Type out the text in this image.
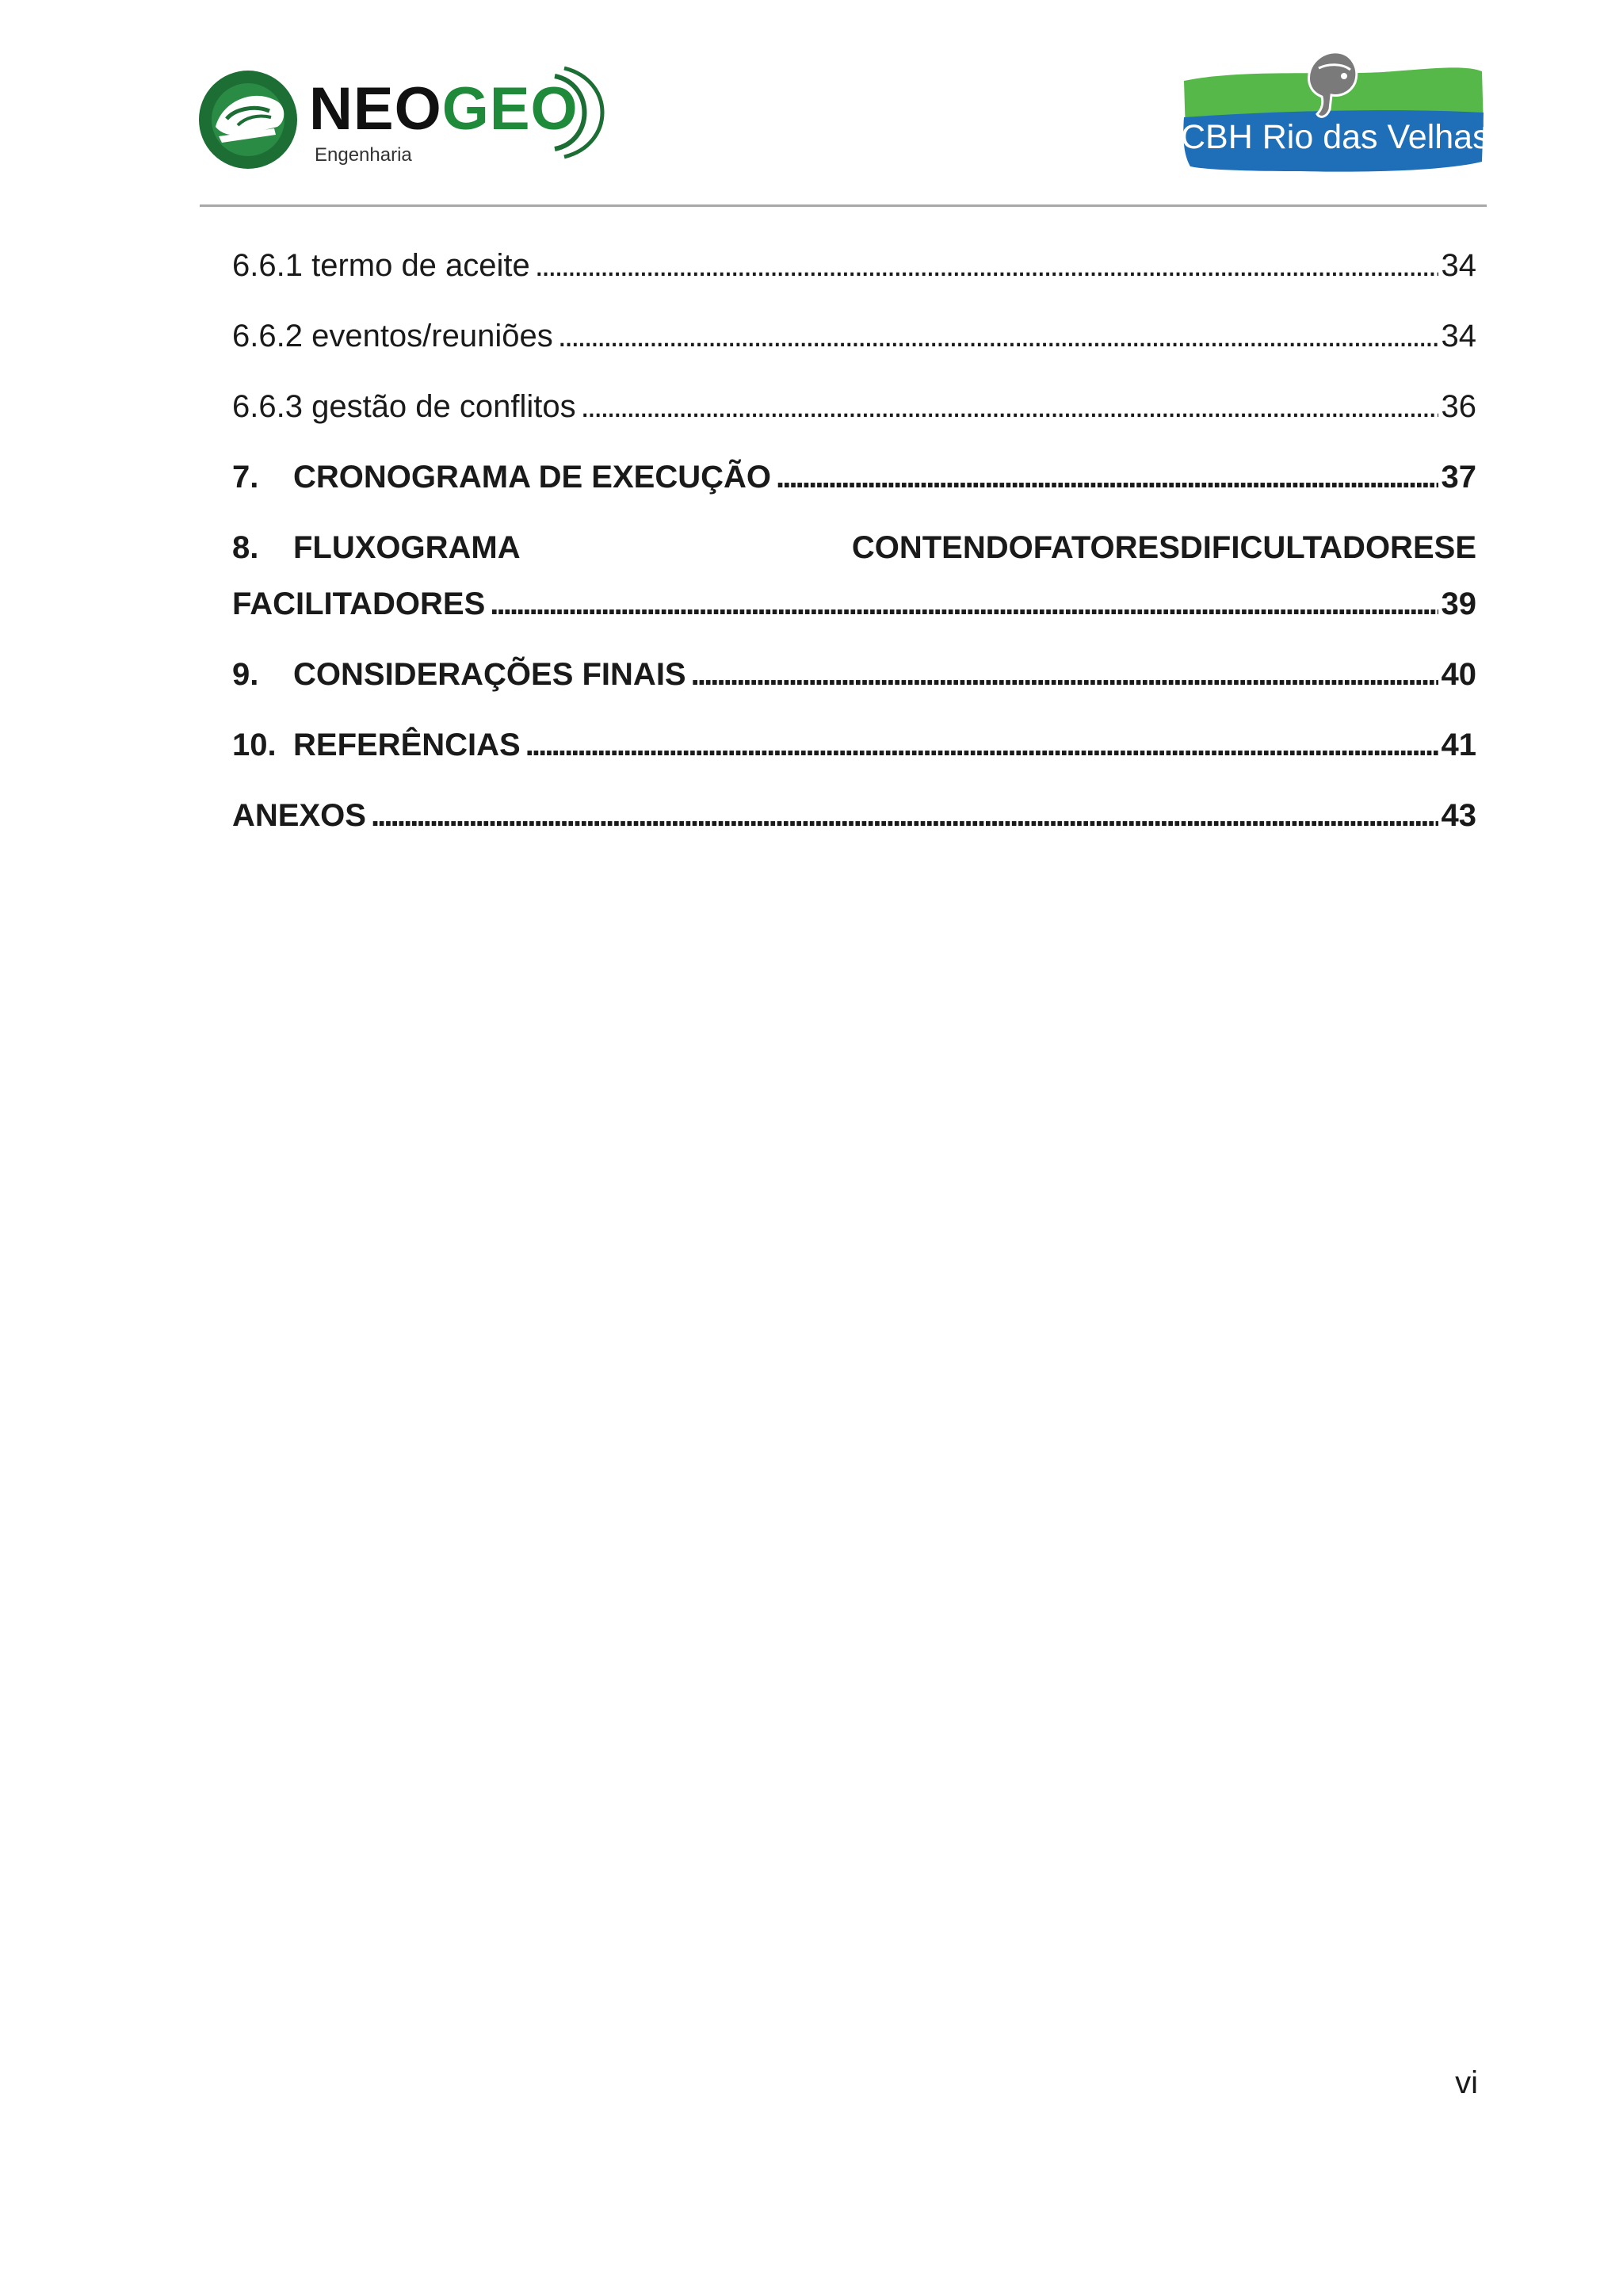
NEOGEO
Engenharia	CBH Rio das Velhas
6.6.1 termo de aceite . . .	34
6.6.2 eventos/reuniões . . .	34
6.6.3 gestão de conflitos . . .	36
7.	CRONOGRAMA DE EXECUÇÃO . . .	37
8.	FLUXOGRAMA	CONTENDO FATORES DIFICULTADORES E
FACILITADORES . . .	39
9.	CONSIDERAÇÕES FINAIS . . .	40
10. REFERÊNCIAS . . .	41
ANEXOS . . .	43
vi
